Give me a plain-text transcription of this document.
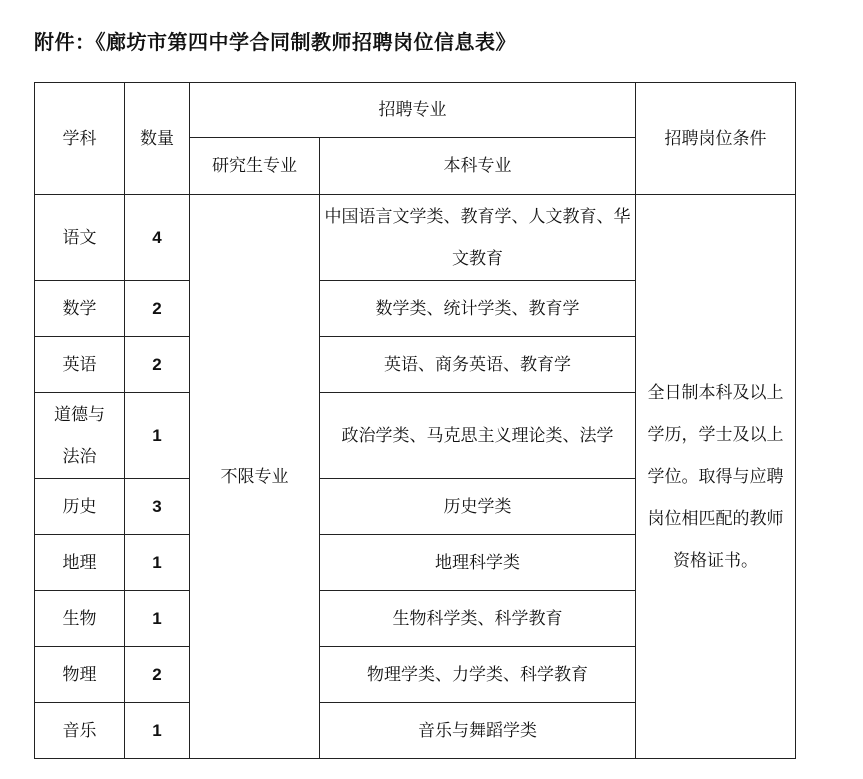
附件：《廊坊市第四中学合同制教师招聘岗位信息表》
学科	数量	招聘专业		招聘岗位条件
		研究生专业	本科专业	
语文	4	不限专业	中国语言文学类、教育学、人文教育、华文教育	全日制本科及以上学历，学士及以上学位。取得与应聘岗位相匹配的教师资格证书。
数学	2		数学类、统计学类、教育学	
英语	2		英语、商务英语、教育学	
道德与法治	1		政治学类、马克思主义理论类、法学	
历史	3		历史学类	
地理	1		地理科学类	
生物	1		生物科学类、科学教育	
物理	2		物理学类、力学类、科学教育	
音乐	1		音乐与舞蹈学类	
